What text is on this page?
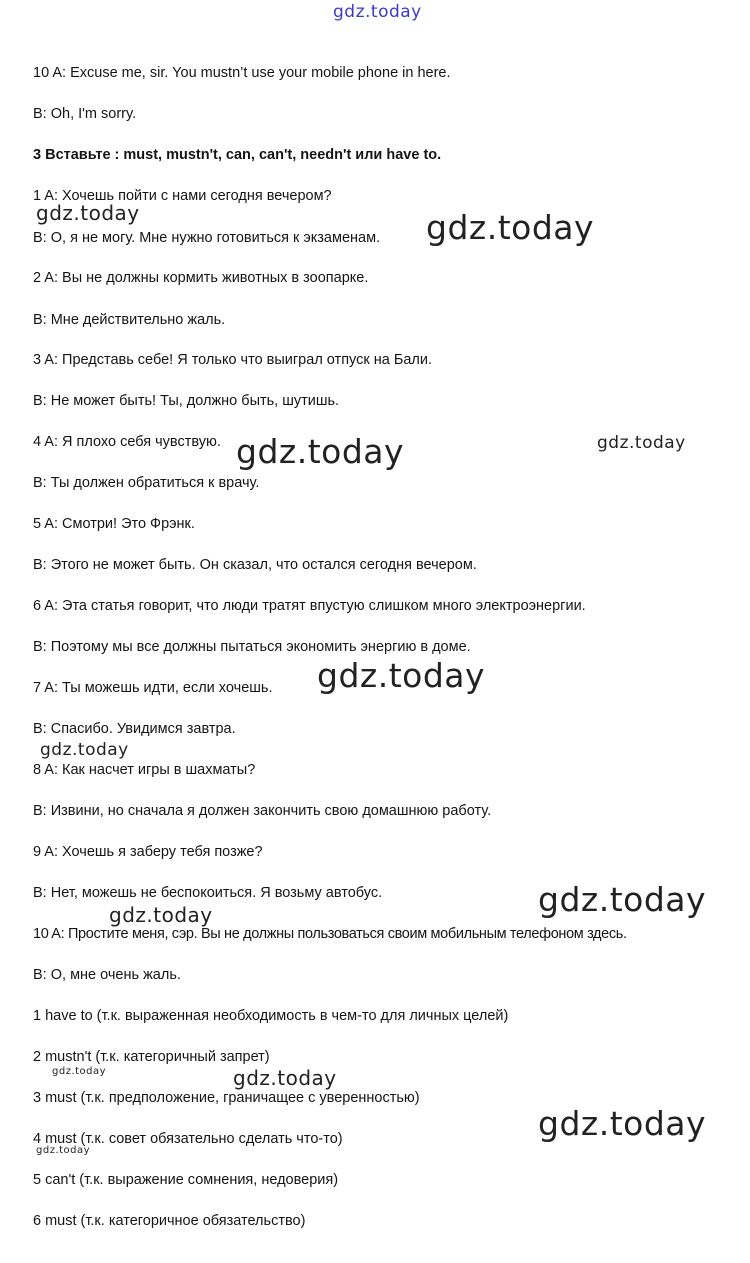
gdz.today
gdz.today	gdz.today
gdz.today	gdz.today
gdz.today
gdz.today
gdz.today
gdz.today
gdz.today	gdz.today
gdz.today
gdz.today
10 A: Excuse me, sir. You mustn’t use your mobile phone in here.
B: Oh, I'm sorry.
3 Вставьте : must, mustn't, can, can't, needn't или have to.
1 A: Хочешь пойти с нами сегодня вечером?
B: О, я не могу. Мне нужно готовиться к экзаменам.
2 A: Вы не должны кормить животных в зоопарке.
B: Мне действительно жаль.
3 A: Представь себе! Я только что выиграл отпуск на Бали.
B: Не может быть! Ты, должно быть, шутишь.
4 A: Я плохо себя чувствую.
B: Ты должен обратиться к врачу.
5 A: Смотри! Это Фрэнк.
B: Этого не может быть. Он сказал, что остался сегодня вечером.
6 A: Эта статья говорит, что люди тратят впустую слишком много электроэнергии.
B: Поэтому мы все должны пытаться экономить энергию в доме.
7 A: Ты можешь идти, если хочешь.
B: Спасибо. Увидимся завтра.
8 A: Как насчет игры в шахматы?
B: Извини, но сначала я должен закончить свою домашнюю работу.
9 A: Хочешь я заберу тебя позже?
B: Нет, можешь не беспокоиться. Я возьму автобус.
10 A: Простите меня, сэр. Вы не должны пользоваться своим мобильным телефоном здесь.
B: О, мне очень жаль.
1 have to (т.к. выраженная необходимость в чем-то для личных целей)
2 mustn't (т.к. категоричный запрет)
3 must (т.к. предположение, граничащее с уверенностью)
4 must (т.к. совет обязательно сделать что-то)
5 can't (т.к. выражение сомнения, недоверия)
6 must (т.к. категоричное обязательство)
